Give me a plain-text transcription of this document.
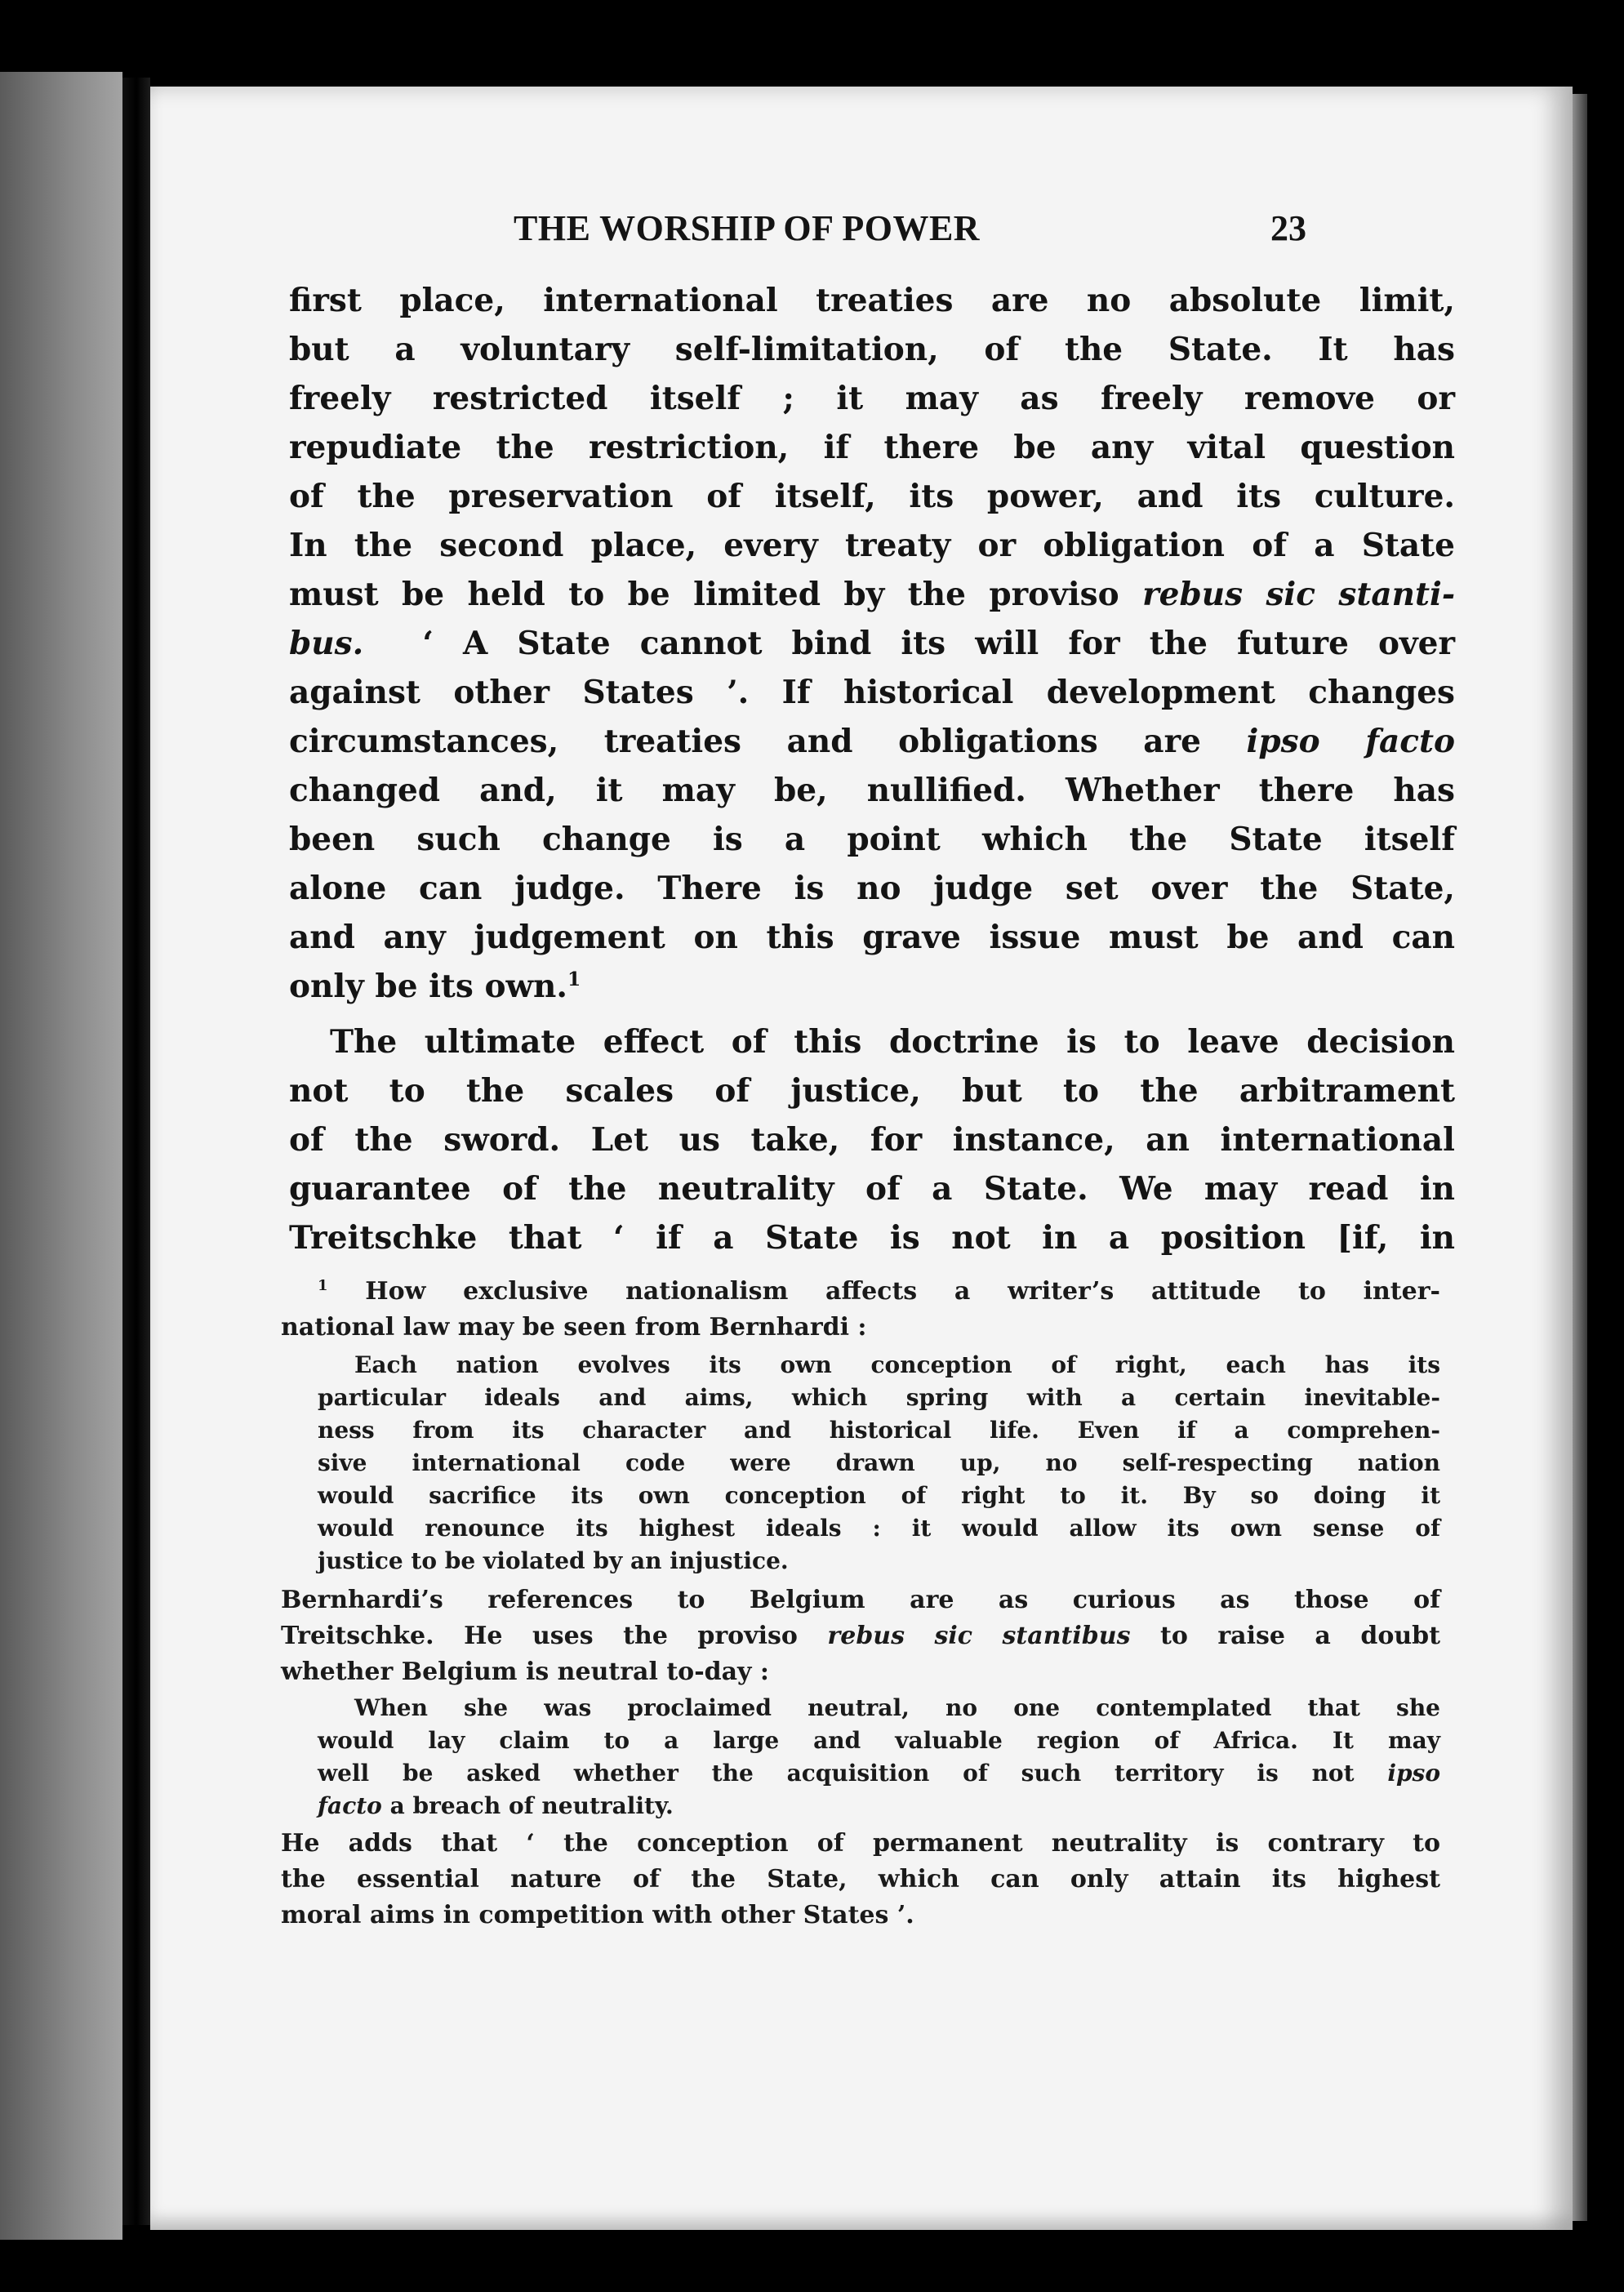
THE WORSHIP OF POWER	23

first place, international treaties are no absolute limit,

but a voluntary self-limitation, of the State. It has

freely restricted itself ; it may as freely remove or

repudiate the restriction, if there be any vital question

of the preservation of itself, its power, and its culture.

In the second place, every treaty or obligation of a State

must be held to be limited by the proviso rebus sic stanti-

bus. ‘ A State cannot bind its will for the future over

against other States ’. If historical development changes

circumstances, treaties and obligations are ipso facto

changed and, it may be, nullified. Whether there has

been such change is a point which the State itself

alone can judge. There is no judge set over the State,

and any judgement on this grave issue must be and can

only be its own.$^1$

The ultimate effect of this doctrine is to leave decision

not to the scales of justice, but to the arbitrament

of the sword. Let us take, for instance, an international

guarantee of the neutrality of a State. We may read in

Treitschke that ‘ if a State is not in a position [if, in

$^1$ How exclusive nationalism affects a writer’s attitude to inter-

national law may be seen from Bernhardi :

Each nation evolves its own conception of right, each has its

particular ideals and aims, which spring with a certain inevitable-

ness from its character and historical life. Even if a comprehen-

sive international code were drawn up, no self-respecting nation

would sacrifice its own conception of right to it. By so doing it

would renounce its highest ideals : it would allow its own sense of

justice to be violated by an injustice.

Bernhardi’s references to Belgium are as curious as those of

Treitschke. He uses the proviso rebus sic stantibus to raise a doubt

whether Belgium is neutral to-day :

When she was proclaimed neutral, no one contemplated that she

would lay claim to a large and valuable region of Africa. It may

well be asked whether the acquisition of such territory is not ipso

facto a breach of neutrality.

He adds that ‘ the conception of permanent neutrality is contrary to

the essential nature of the State, which can only attain its highest

moral aims in competition with other States ’.
